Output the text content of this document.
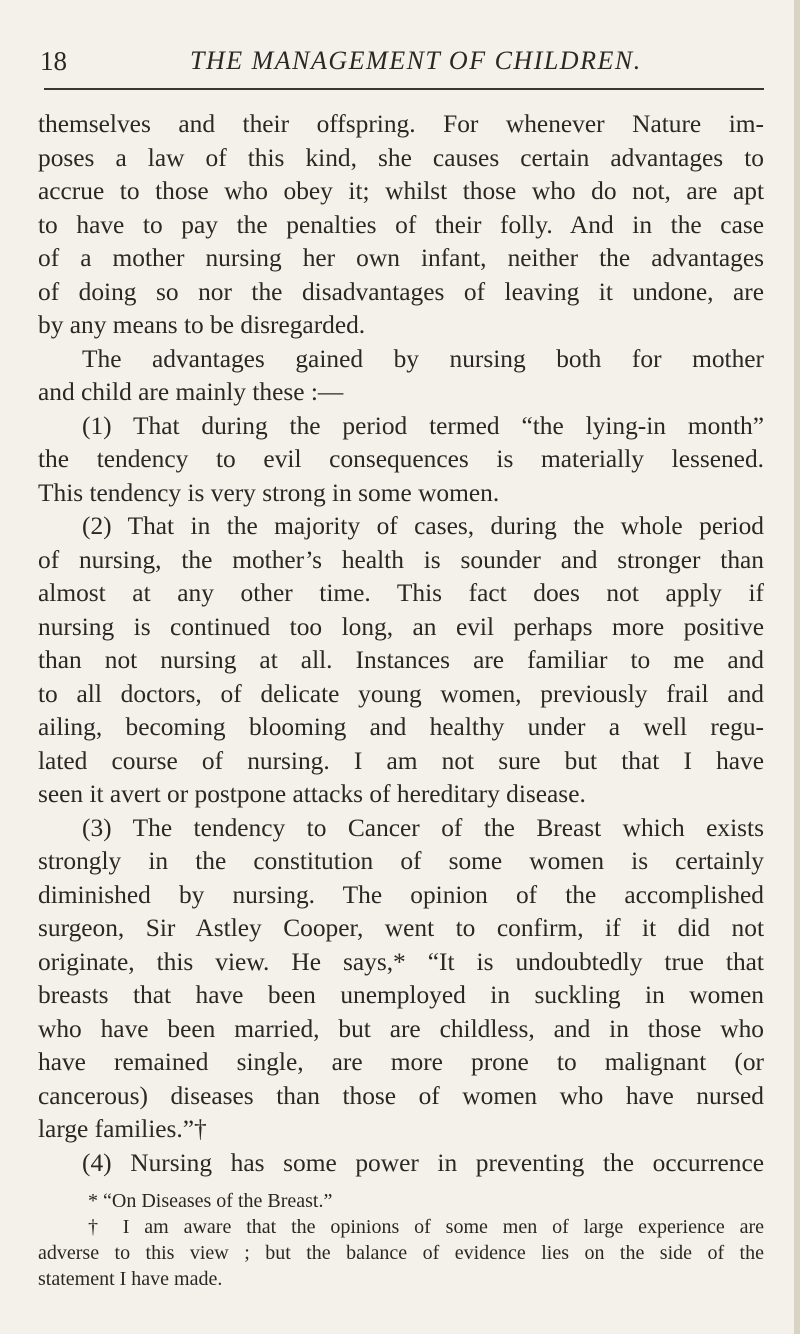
18	THE MANAGEMENT OF CHILDREN.
themselves and their offspring. For whenever Nature im-
poses a law of this kind, she causes certain advantages to
accrue to those who obey it; whilst those who do not, are apt
to have to pay the penalties of their folly. And in the case
of a mother nursing her own infant, neither the advantages
of doing so nor the disadvantages of leaving it undone, are
by any means to be disregarded.
The advantages gained by nursing both for mother
and child are mainly these :—
(1) That during the period termed “the lying-in month”
the tendency to evil consequences is materially lessened.
This tendency is very strong in some women.
(2) That in the majority of cases, during the whole period
of nursing, the mother’s health is sounder and stronger than
almost at any other time. This fact does not apply if
nursing is continued too long, an evil perhaps more positive
than not nursing at all. Instances are familiar to me and
to all doctors, of delicate young women, previously frail and
ailing, becoming blooming and healthy under a well regu-
lated course of nursing. I am not sure but that I have
seen it avert or postpone attacks of hereditary disease.
(3) The tendency to Cancer of the Breast which exists
strongly in the constitution of some women is certainly
diminished by nursing. The opinion of the accomplished
surgeon, Sir Astley Cooper, went to confirm, if it did not
originate, this view. He says,* “It is undoubtedly true that
breasts that have been unemployed in suckling in women
who have been married, but are childless, and in those who
have remained single, are more prone to malignant (or
cancerous) diseases than those of women who have nursed
large families.”†
(4) Nursing has some power in preventing the occurrence
* “On Diseases of the Breast.”
† I am aware that the opinions of some men of large experience are
adverse to this view ; but the balance of evidence lies on the side of the
statement I have made.
